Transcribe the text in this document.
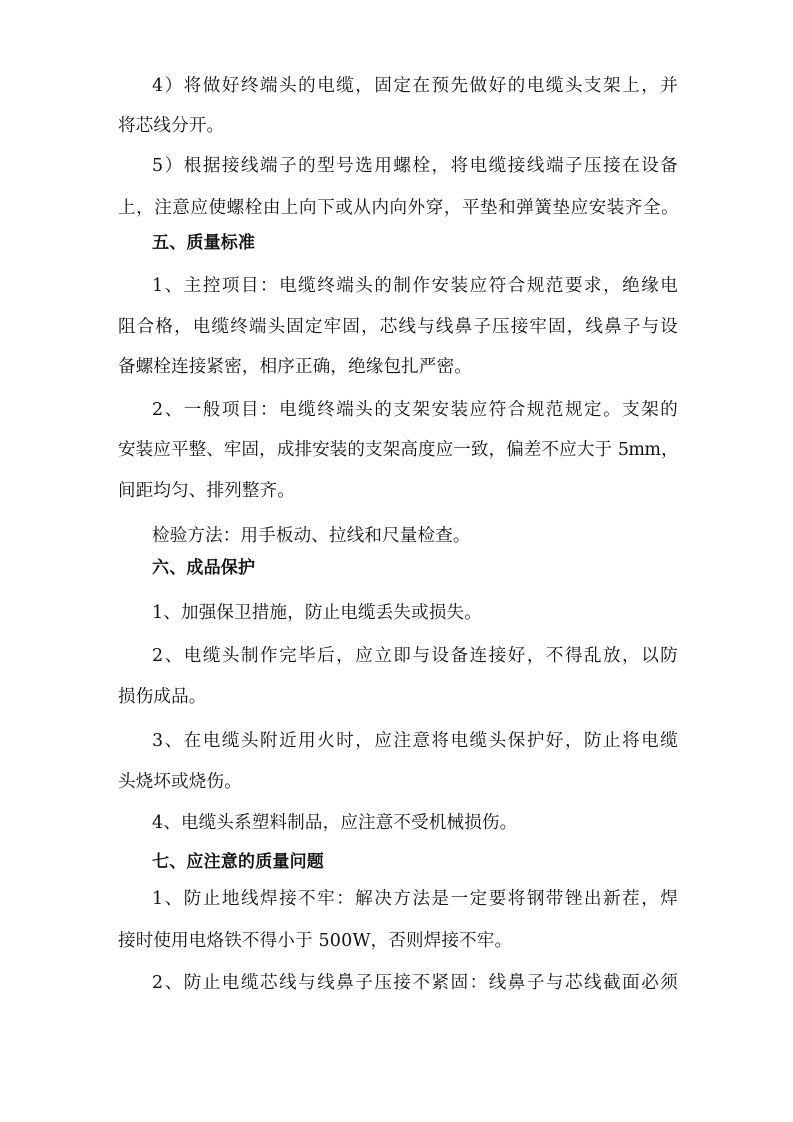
4）将做好终端头的电缆，固定在预先做好的电缆头支架上，并
将芯线分开。
5）根据接线端子的型号选用螺栓，将电缆接线端子压接在设备
上，注意应使螺栓由上向下或从内向外穿，平垫和弹簧垫应安装齐全。
五、质量标准
1、主控项目：电缆终端头的制作安装应符合规范要求，绝缘电
阻合格，电缆终端头固定牢固，芯线与线鼻子压接牢固，线鼻子与设
备螺栓连接紧密，相序正确，绝缘包扎严密。
2、一般项目：电缆终端头的支架安装应符合规范规定。支架的
安装应平整、牢固，成排安装的支架高度应一致，偏差不应大于 5mm，
间距均匀、排列整齐。
检验方法：用手板动、拉线和尺量检查。
六、成品保护
1、加强保卫措施，防止电缆丢失或损失。
2、电缆头制作完毕后，应立即与设备连接好，不得乱放，以防
损伤成品。
3、在电缆头附近用火时，应注意将电缆头保护好，防止将电缆
头烧坏或烧伤。
4、电缆头系塑料制品，应注意不受机械损伤。
七、应注意的质量问题
1、防止地线焊接不牢：解决方法是一定要将钢带锉出新茬，焊
接时使用电烙铁不得小于 500W，否则焊接不牢。
2、防止电缆芯线与线鼻子压接不紧固：线鼻子与芯线截面必须
